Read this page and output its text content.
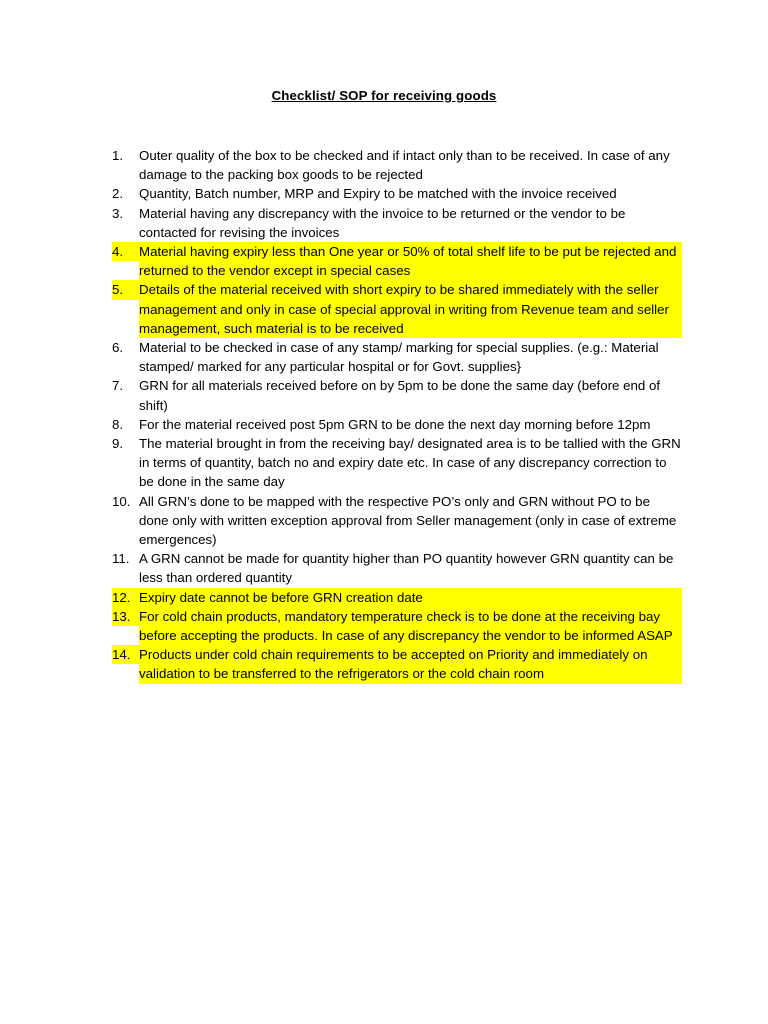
Checklist/ SOP for receiving goods
1.	Outer quality of the box to be checked and if intact only than to be received. In case of any damage to the packing box goods to be rejected
2.	Quantity, Batch number, MRP and Expiry to be matched with the invoice received
3.	Material having any discrepancy with the invoice to be returned or the vendor to be contacted for revising the invoices
4.	Material having expiry less than One year or 50% of total shelf life to be put be rejected and returned to the vendor except in special cases
5.	Details of the material received with short expiry to be shared immediately with the seller management and only in case of special approval in writing from Revenue team and seller management, such material is to be received
6.	Material to be checked in case of any stamp/ marking for special supplies. (e.g.: Material stamped/ marked for any particular hospital or for Govt. supplies}
7.	GRN for all materials received before on by 5pm to be done the same day (before end of shift)
8.	For the material received post 5pm GRN to be done the next day morning before 12pm
9.	The material brought in from the receiving bay/ designated area is to be tallied with the GRN in terms of quantity, batch no and expiry date etc. In case of any discrepancy correction to be done in the same day
10. All GRN’s done to be mapped with the respective PO’s only and GRN without PO to be done only with written exception approval from Seller management (only in case of extreme emergences)
11. A GRN cannot be made for quantity higher than PO quantity however GRN quantity can be less than ordered quantity
12. Expiry date cannot be before GRN creation date
13. For cold chain products, mandatory temperature check is to be done at the receiving bay before accepting the products. In case of any discrepancy the vendor to be informed ASAP
14. Products under cold chain requirements to be accepted on Priority and immediately on validation to be transferred to the refrigerators or the cold chain room
